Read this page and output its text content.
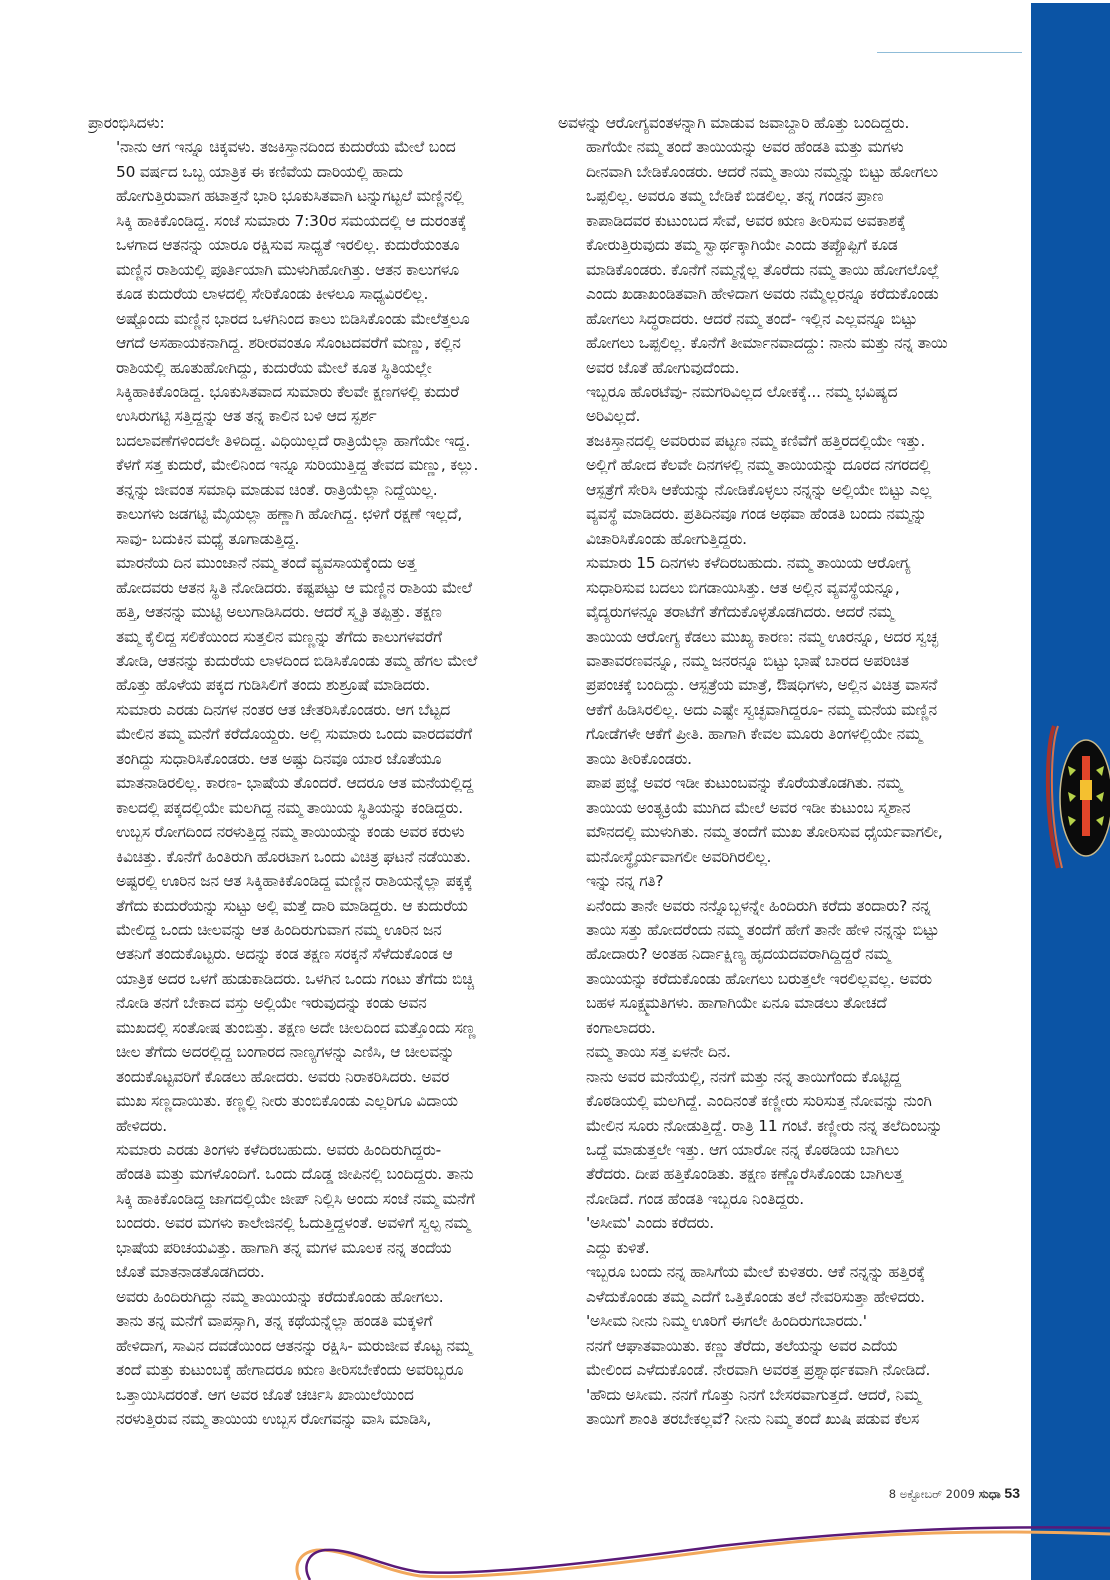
ಪ್ರಾರಂಭಿಸಿದಳು:
'ನಾನು ಆಗ ಇನ್ನೂ ಚಿಕ್ಕವಳು. ತಜಕಿಸ್ತಾನದಿಂದ ಕುದುರೆಯ ಮೇಲೆ ಬಂದ
50 ವರ್ಷದ ಒಬ್ಬ ಯಾತ್ರಿಕ ಈ ಕಣಿವೆಯ ದಾರಿಯಲ್ಲಿ ಹಾದು
ಹೋಗುತ್ತಿರುವಾಗ ಹಟಾತ್ತನೆ ಭಾರಿ ಭೂಕುಸಿತವಾಗಿ ಟನ್ನುಗಟ್ಟಲೆ ಮಣ್ಣಿನಲ್ಲಿ
ಸಿಕ್ಕಿ ಹಾಕಿಕೊಂಡಿದ್ದ. ಸಂಜೆ ಸುಮಾರು 7:30ರ ಸಮಯದಲ್ಲಿ ಆ ದುರಂತಕ್ಕೆ
ಒಳಗಾದ ಆತನನ್ನು ಯಾರೂ ರಕ್ಷಿಸುವ ಸಾಧ್ಯತೆ ಇರಲಿಲ್ಲ. ಕುದುರೆಯಂತೂ
ಮಣ್ಣಿನ ರಾಶಿಯಲ್ಲಿ ಪೂರ್ತಿಯಾಗಿ ಮುಳುಗಿಹೋಗಿತ್ತು. ಆತನ ಕಾಲುಗಳೂ
ಕೂಡ ಕುದುರೆಯ ಲಾಳದಲ್ಲಿ ಸೇರಿಕೊಂಡು ಕೀಳಲೂ ಸಾಧ್ಯವಿರಲಿಲ್ಲ.
ಅಷ್ಟೊಂದು ಮಣ್ಣಿನ ಭಾರದ ಒಳಗಿನಿಂದ ಕಾಲು ಬಿಡಿಸಿಕೊಂಡು ಮೇಲೆತ್ತಲೂ
ಆಗದೆ ಅಸಹಾಯಕನಾಗಿದ್ದ. ಶರೀರವಂತೂ ಸೊಂಟದವರೆಗೆ ಮಣ್ಣು, ಕಲ್ಲಿನ
ರಾಶಿಯಲ್ಲಿ ಹೂತುಹೋಗಿದ್ದು, ಕುದುರೆಯ ಮೇಲೆ ಕೂತ ಸ್ಥಿತಿಯಲ್ಲೇ
ಸಿಕ್ಕಿಹಾಕಿಕೊಂಡಿದ್ದ. ಭೂಕುಸಿತವಾದ ಸುಮಾರು ಕೆಲವೇ ಕ್ಷಣಗಳಲ್ಲಿ ಕುದುರೆ
ಉಸಿರುಗಟ್ಟಿ ಸತ್ತಿದ್ದನ್ನು ಆತ ತನ್ನ ಕಾಲಿನ ಬಳಿ ಆದ ಸ್ಪರ್ಶ
ಬದಲಾವಣೆಗಳಿಂದಲೇ ತಿಳಿದಿದ್ದ. ವಿಧಿಯಿಲ್ಲದೆ ರಾತ್ರಿಯೆಲ್ಲಾ ಹಾಗೆಯೇ ಇದ್ದ.
ಕೆಳಗೆ ಸತ್ತ ಕುದುರೆ, ಮೇಲಿನಿಂದ ಇನ್ನೂ ಸುರಿಯುತ್ತಿದ್ದ ತೇವದ ಮಣ್ಣು, ಕಲ್ಲು.
ತನ್ನನ್ನು ಜೀವಂತ ಸಮಾಧಿ ಮಾಡುವ ಚಿಂತೆ. ರಾತ್ರಿಯೆಲ್ಲಾ ನಿದ್ದೆಯಿಲ್ಲ.
ಕಾಲುಗಳು ಜಡಗಟ್ಟಿ ಮೈಯಲ್ಲಾ ಹಣ್ಣಾಗಿ ಹೋಗಿದ್ದ. ಛಳಿಗೆ ರಕ್ಷಣೆ ಇಲ್ಲದೆ,
ಸಾವು- ಬದುಕಿನ ಮಧ್ಯೆ ತೂಗಾಡುತ್ತಿದ್ದ.
ಮಾರನೆಯ ದಿನ ಮುಂಜಾನೆ ನಮ್ಮ ತಂದೆ ವ್ಯವಸಾಯಕ್ಕೆಂದು ಅತ್ತ
ಹೋದವರು ಆತನ ಸ್ಥಿತಿ ನೋಡಿದರು. ಕಷ್ಟಪಟ್ಟು ಆ ಮಣ್ಣಿನ ರಾಶಿಯ ಮೇಲೆ
ಹತ್ತಿ, ಆತನನ್ನು ಮುಟ್ಟಿ ಅಲುಗಾಡಿಸಿದರು. ಆದರೆ ಸ್ಮೃತಿ ತಪ್ಪಿತ್ತು. ತಕ್ಷಣ
ತಮ್ಮ ಕೈಲಿದ್ದ ಸಲಿಕೆಯಿಂದ ಸುತ್ತಲಿನ ಮಣ್ಣನ್ನು ತೆಗೆದು ಕಾಲುಗಳವರೆಗೆ
ತೋಡಿ, ಆತನನ್ನು ಕುದುರೆಯ ಲಾಳದಿಂದ ಬಿಡಿಸಿಕೊಂಡು ತಮ್ಮ ಹೆಗಲ ಮೇಲೆ
ಹೊತ್ತು ಹೊಳೆಯ ಪಕ್ಕದ ಗುಡಿಸಿಲಿಗೆ ತಂದು ಶುಶ್ರೂಷೆ ಮಾಡಿದರು.
ಸುಮಾರು ಎರಡು ದಿನಗಳ ನಂತರ ಆತ ಚೇತರಿಸಿಕೊಂಡರು. ಆಗ ಬೆಟ್ಟದ
ಮೇಲಿನ ತಮ್ಮ ಮನೆಗೆ ಕರೆದೊಯ್ದರು. ಅಲ್ಲಿ ಸುಮಾರು ಒಂದು ವಾರದವರೆಗೆ
ತಂಗಿದ್ದು ಸುಧಾರಿಸಿಕೊಂಡರು. ಆತ ಅಷ್ಟು ದಿನವೂ ಯಾರ ಜೊತೆಯೂ
ಮಾತನಾಡಿರಲಿಲ್ಲ. ಕಾರಣ- ಭಾಷೆಯ ತೊಂದರೆ. ಆದರೂ ಆತ ಮನೆಯಲ್ಲಿದ್ದ
ಕಾಲದಲ್ಲಿ ಪಕ್ಕದಲ್ಲಿಯೇ ಮಲಗಿದ್ದ ನಮ್ಮ ತಾಯಿಯ ಸ್ಥಿತಿಯನ್ನು ಕಂಡಿದ್ದರು.
ಉಬ್ಬಸ ರೋಗದಿಂದ ನರಳುತ್ತಿದ್ದ ನಮ್ಮ ತಾಯಿಯನ್ನು ಕಂಡು ಅವರ ಕರುಳು
ಕಿವಿಚಿತ್ತು. ಕೊನೆಗೆ ಹಿಂತಿರುಗಿ ಹೊರಟಾಗ ಒಂದು ವಿಚಿತ್ರ ಘಟನೆ ನಡೆಯಿತು.
ಅಷ್ಟರಲ್ಲಿ ಊರಿನ ಜನ ಆತ ಸಿಕ್ಕಿಹಾಕಿಕೊಂಡಿದ್ದ ಮಣ್ಣಿನ ರಾಶಿಯನ್ನೆಲ್ಲಾ ಪಕ್ಕಕ್ಕೆ
ತೆಗೆದು ಕುದುರೆಯನ್ನು ಸುಟ್ಟು ಅಲ್ಲಿ ಮತ್ತೆ ದಾರಿ ಮಾಡಿದ್ದರು. ಆ ಕುದುರೆಯ
ಮೇಲಿದ್ದ ಒಂದು ಚೀಲವನ್ನು ಆತ ಹಿಂದಿರುಗುವಾಗ ನಮ್ಮ ಊರಿನ ಜನ
ಆತನಿಗೆ ತಂದುಕೊಟ್ಟರು. ಅದನ್ನು ಕಂಡ ತಕ್ಷಣ ಸರಕ್ಕನೆ ಸೆಳೆದುಕೊಂಡ ಆ
ಯಾತ್ರಿಕ ಅದರ ಒಳಗೆ ಹುಡುಕಾಡಿದರು. ಒಳಗಿನ ಒಂದು ಗಂಟು ತೆಗೆದು ಬಿಚ್ಚಿ
ನೋಡಿ ತನಗೆ ಬೇಕಾದ ವಸ್ತು ಅಲ್ಲಿಯೇ ಇರುವುದನ್ನು ಕಂಡು ಅವನ
ಮುಖದಲ್ಲಿ ಸಂತೋಷ ತುಂಬಿತ್ತು. ತಕ್ಷಣ ಅದೇ ಚೀಲದಿಂದ ಮತ್ತೊಂದು ಸಣ್ಣ
ಚೀಲ ತೆಗೆದು ಅದರಲ್ಲಿದ್ದ ಬಂಗಾರದ ನಾಣ್ಯಗಳನ್ನು ಎಣಿಸಿ, ಆ ಚೀಲವನ್ನು
ತಂದುಕೊಟ್ಟವರಿಗೆ ಕೊಡಲು ಹೋದರು. ಅವರು ನಿರಾಕರಿಸಿದರು. ಅವರ
ಮುಖ ಸಣ್ಣದಾಯಿತು. ಕಣ್ಣಲ್ಲಿ ನೀರು ತುಂಬಿಕೊಂಡು ಎಲ್ಲರಿಗೂ ವಿದಾಯ
ಹೇಳಿದರು.
ಸುಮಾರು ಎರಡು ತಿಂಗಳು ಕಳೆದಿರಬಹುದು. ಅವರು ಹಿಂದಿರುಗಿದ್ದರು-
ಹೆಂಡತಿ ಮತ್ತು ಮಗಳೊಂದಿಗೆ. ಒಂದು ದೊಡ್ಡ ಜೀಪಿನಲ್ಲಿ ಬಂದಿದ್ದರು. ತಾನು
ಸಿಕ್ಕಿ ಹಾಕಿಕೊಂಡಿದ್ದ ಜಾಗದಲ್ಲಿಯೇ ಜೀಪ್ ನಿಲ್ಲಿಸಿ ಅಂದು ಸಂಜೆ ನಮ್ಮ ಮನೆಗೆ
ಬಂದರು. ಅವರ ಮಗಳು ಕಾಲೇಜಿನಲ್ಲಿ ಓದುತ್ತಿದ್ದಳಂತೆ. ಅವಳಿಗೆ ಸ್ವಲ್ಪ ನಮ್ಮ
ಭಾಷೆಯ ಪರಿಚಯವಿತ್ತು. ಹಾಗಾಗಿ ತನ್ನ ಮಗಳ ಮೂಲಕ ನನ್ನ ತಂದೆಯ
ಜೊತೆ ಮಾತನಾಡತೊಡಗಿದರು.
ಅವರು ಹಿಂದಿರುಗಿದ್ದು ನಮ್ಮ ತಾಯಿಯನ್ನು ಕರೆದುಕೊಂಡು ಹೋಗಲು.
ತಾನು ತನ್ನ ಮನೆಗೆ ವಾಪಸ್ಸಾಗಿ, ತನ್ನ ಕಥೆಯನ್ನೆಲ್ಲಾ ಹಂಡತಿ ಮಕ್ಕಳಿಗೆ
ಹೇಳಿದಾಗ, ಸಾವಿನ ದವಡೆಯಿಂದ ಆತನನ್ನು ರಕ್ಷಿಸಿ- ಮರುಜೀವ ಕೊಟ್ಟ ನಮ್ಮ
ತಂದೆ ಮತ್ತು ಕುಟುಂಬಕ್ಕೆ ಹೇಗಾದರೂ ಋಣ ತೀರಿಸಬೇಕೆಂದು ಅವರಿಬ್ಬರೂ
ಒತ್ತಾಯಿಸಿದರಂತೆ. ಆಗ ಅವರ ಜೊತೆ ಚರ್ಚಿಸಿ ಖಾಯಿಲೆಯಿಂದ
ನರಳುತ್ತಿರುವ ನಮ್ಮ ತಾಯಿಯ ಉಬ್ಬಸ ರೋಗವನ್ನು ವಾಸಿ ಮಾಡಿಸಿ,
ಅವಳನ್ನು ಆರೋಗ್ಯವಂತಳನ್ನಾಗಿ ಮಾಡುವ ಜವಾಬ್ದಾರಿ ಹೊತ್ತು ಬಂದಿದ್ದರು.
ಹಾಗೆಯೇ ನಮ್ಮ ತಂದೆ ತಾಯಿಯನ್ನು ಅವರ ಹೆಂಡತಿ ಮತ್ತು ಮಗಳು
ದೀನವಾಗಿ ಬೇಡಿಕೊಂಡರು. ಆದರೆ ನಮ್ಮ ತಾಯಿ ನಮ್ಮನ್ನು ಬಿಟ್ಟು ಹೋಗಲು
ಒಪ್ಪಲಿಲ್ಲ. ಅವರೂ ತಮ್ಮ ಬೇಡಿಕೆ ಬಿಡಲಿಲ್ಲ. ತನ್ನ ಗಂಡನ ಪ್ರಾಣ
ಕಾಪಾಡಿದವರ ಕುಟುಂಬದ ಸೇವೆ, ಅವರ ಋಣ ತೀರಿಸುವ ಅವಕಾಶಕ್ಕೆ
ಕೋರುತ್ತಿರುವುದು ತಮ್ಮ ಸ್ವಾರ್ಥಕ್ಕಾಗಿಯೇ ಎಂದು ತಪ್ಪೊಪ್ಪಿಗೆ ಕೂಡ
ಮಾಡಿಕೊಂಡರು. ಕೊನೆಗೆ ನಮ್ಮನ್ನೆಲ್ಲ ತೊರೆದು ನಮ್ಮ ತಾಯಿ ಹೋಗಲೊಲ್ಲೆ
ಎಂದು ಖಡಾಖಂಡಿತವಾಗಿ ಹೇಳಿದಾಗ ಅವರು ನಮ್ಮೆಲ್ಲರನ್ನೂ ಕರೆದುಕೊಂಡು
ಹೋಗಲು ಸಿದ್ಧರಾದರು. ಆದರೆ ನಮ್ಮ ತಂದೆ- ಇಲ್ಲಿನ ಎಲ್ಲವನ್ನೂ ಬಿಟ್ಟು
ಹೋಗಲು ಒಪ್ಪಲಿಲ್ಲ. ಕೊನೆಗೆ ತೀರ್ಮಾನವಾದದ್ದು: ನಾನು ಮತ್ತು ನನ್ನ ತಾಯಿ
ಅವರ ಜೊತೆ ಹೋಗುವುದೆಂದು.
ಇಬ್ಬರೂ ಹೊರಟೆವು- ನಮಗರಿವಿಲ್ಲದ ಲೋಕಕ್ಕೆ... ನಮ್ಮ ಭವಿಷ್ಯದ
ಅರಿವಿಲ್ಲದೆ.
ತಜಕಿಸ್ತಾನದಲ್ಲಿ ಅವರಿರುವ ಪಟ್ಟಣ ನಮ್ಮ ಕಣಿವೆಗೆ ಹತ್ತಿರದಲ್ಲಿಯೇ ಇತ್ತು.
ಅಲ್ಲಿಗೆ ಹೋದ ಕೆಲವೇ ದಿನಗಳಲ್ಲಿ ನಮ್ಮ ತಾಯಿಯನ್ನು ದೂರದ ನಗರದಲ್ಲಿ
ಆಸ್ಪತ್ರೆಗೆ ಸೇರಿಸಿ ಆಕೆಯನ್ನು ನೋಡಿಕೊಳ್ಳಲು ನನ್ನನ್ನು ಅಲ್ಲಿಯೇ ಬಿಟ್ಟು ಎಲ್ಲ
ವ್ಯವಸ್ಥೆ ಮಾಡಿದರು. ಪ್ರತಿದಿನವೂ ಗಂಡ ಅಥವಾ ಹೆಂಡತಿ ಬಂದು ನಮ್ಮನ್ನು
ವಿಚಾರಿಸಿಕೊಂಡು ಹೋಗುತ್ತಿದ್ದರು.
ಸುಮಾರು 15 ದಿನಗಳು ಕಳೆದಿರಬಹುದು. ನಮ್ಮ ತಾಯಿಯ ಆರೋಗ್ಯ
ಸುಧಾರಿಸುವ ಬದಲು ಬಿಗಡಾಯಿಸಿತ್ತು. ಆತ ಅಲ್ಲಿನ ವ್ಯವಸ್ಥೆಯನ್ನೂ,
ವೈದ್ಯರುಗಳನ್ನೂ ತರಾಟೆಗೆ ತೆಗೆದುಕೊಳ್ಳತೊಡಗಿದರು. ಆದರೆ ನಮ್ಮ
ತಾಯಿಯ ಆರೋಗ್ಯ ಕೆಡಲು ಮುಖ್ಯ ಕಾರಣ: ನಮ್ಮ ಊರನ್ನೂ, ಅದರ ಸ್ವಚ್ಛ
ವಾತಾವರಣವನ್ನೂ, ನಮ್ಮ ಜನರನ್ನೂ ಬಿಟ್ಟು ಭಾಷೆ ಬಾರದ ಅಪರಿಚಿತ
ಪ್ರಪಂಚಕ್ಕೆ ಬಂದಿದ್ದು. ಆಸ್ಪತ್ರೆಯ ಮಾತ್ರೆ, ಔಷಧಿಗಳು, ಅಲ್ಲಿನ ವಿಚಿತ್ರ ವಾಸನೆ
ಆಕೆಗೆ ಹಿಡಿಸಿರಲಿಲ್ಲ. ಅದು ಎಷ್ಟೇ ಸ್ವಚ್ಛವಾಗಿದ್ದರೂ- ನಮ್ಮ ಮನೆಯ ಮಣ್ಣಿನ
ಗೋಡೆಗಳೇ ಆಕೆಗೆ ಪ್ರೀತಿ. ಹಾಗಾಗಿ ಕೇವಲ ಮೂರು ತಿಂಗಳಲ್ಲಿಯೇ ನಮ್ಮ
ತಾಯಿ ತೀರಿಕೊಂಡರು.
ಪಾಪ ಪ್ರಜ್ಞೆ ಅವರ ಇಡೀ ಕುಟುಂಬವನ್ನು ಕೊರೆಯತೊಡಗಿತು. ನಮ್ಮ
ತಾಯಿಯ ಅಂತ್ಯಕ್ರಿಯೆ ಮುಗಿದ ಮೇಲೆ ಅವರ ಇಡೀ ಕುಟುಂಬ ಸ್ಮಶಾನ
ಮೌನದಲ್ಲಿ ಮುಳುಗಿತು. ನಮ್ಮ ತಂದೆಗೆ ಮುಖ ತೋರಿಸುವ ಧೈರ್ಯವಾಗಲೀ,
ಮನೋಸ್ಥೈರ್ಯವಾಗಲೀ ಅವರಿಗಿರಲಿಲ್ಲ.
ಇನ್ನು ನನ್ನ ಗತಿ?
ಏನೆಂದು ತಾನೇ ಅವರು ನನ್ನೊಬ್ಬಳನ್ನೇ ಹಿಂದಿರುಗಿ ಕರೆದು ತಂದಾರು? ನನ್ನ
ತಾಯಿ ಸತ್ತು ಹೋದರೆಂದು ನಮ್ಮ ತಂದೆಗೆ ಹೇಗೆ ತಾನೇ ಹೇಳಿ ನನ್ನನ್ನು ಬಿಟ್ಟು
ಹೋದಾರು? ಅಂತಹ ನಿರ್ದಾಕ್ಷಿಣ್ಯ ಹೃದಯದವರಾಗಿದ್ದಿದ್ದರೆ ನಮ್ಮ
ತಾಯಿಯನ್ನು ಕರೆದುಕೊಂಡು ಹೋಗಲು ಬರುತ್ತಲೇ ಇರಲಿಲ್ಲವಲ್ಲ. ಅವರು
ಬಹಳ ಸೂಕ್ಷ್ಮಮತಿಗಳು. ಹಾಗಾಗಿಯೇ ಏನೂ ಮಾಡಲು ತೋಚದೆ
ಕಂಗಾಲಾದರು.
ನಮ್ಮ ತಾಯಿ ಸತ್ತ ಏಳನೇ ದಿನ.
ನಾನು ಅವರ ಮನೆಯಲ್ಲಿ, ನನಗೆ ಮತ್ತು ನನ್ನ ತಾಯಿಗೆಂದು ಕೊಟ್ಟಿದ್ದ
ಕೊಠಡಿಯಲ್ಲಿ ಮಲಗಿದ್ದೆ. ಎಂದಿನಂತೆ ಕಣ್ಣೀರು ಸುರಿಸುತ್ತ ನೋವನ್ನು ನುಂಗಿ
ಮೇಲಿನ ಸೂರು ನೋಡುತ್ತಿದ್ದೆ. ರಾತ್ರಿ 11 ಗಂಟೆ. ಕಣ್ಣೀರು ನನ್ನ ತಲೆದಿಂಬನ್ನು
ಒದ್ದೆ ಮಾಡುತ್ತಲೇ ಇತ್ತು. ಆಗ ಯಾರೋ ನನ್ನ ಕೊಠಡಿಯ ಬಾಗಿಲು
ತೆರೆದರು. ದೀಪ ಹತ್ತಿಕೊಂಡಿತು. ತಕ್ಷಣ ಕಣ್ಣೊರೆಸಿಕೊಂಡು ಬಾಗಿಲತ್ತ
ನೋಡಿದೆ. ಗಂಡ ಹೆಂಡತಿ ಇಬ್ಬರೂ ನಿಂತಿದ್ದರು.
'ಅಸೀಮ' ಎಂದು ಕರೆದರು.
ಎದ್ದು ಕುಳಿತೆ.
ಇಬ್ಬರೂ ಬಂದು ನನ್ನ ಹಾಸಿಗೆಯ ಮೇಲೆ ಕುಳಿತರು. ಆಕೆ ನನ್ನನ್ನು ಹತ್ತಿರಕ್ಕೆ
ಎಳೆದುಕೊಂಡು ತಮ್ಮ ಎದೆಗೆ ಒತ್ತಿಕೊಂಡು ತಲೆ ನೇವರಿಸುತ್ತಾ ಹೇಳಿದರು.
'ಅಸೀಮ ನೀನು ನಿಮ್ಮ ಊರಿಗೆ ಈಗಲೇ ಹಿಂದಿರುಗಬಾರದು.'
ನನಗೆ ಆಘಾತವಾಯಿತು. ಕಣ್ಣು ತೆರೆದು, ತಲೆಯನ್ನು ಅವರ ಎದೆಯ
ಮೇಲಿಂದ ಎಳೆದುಕೊಂಡೆ. ನೇರವಾಗಿ ಅವರತ್ತ ಪ್ರಶ್ನಾರ್ಥಕವಾಗಿ ನೋಡಿದೆ.
'ಹೌದು ಅಸೀಮ. ನನಗೆ ಗೊತ್ತು ನಿನಗೆ ಬೇಸರವಾಗುತ್ತದೆ. ಆದರೆ, ನಿಮ್ಮ
ತಾಯಿಗೆ ಶಾಂತಿ ತರಬೇಕಲ್ಲವೆ? ನೀನು ನಿಮ್ಮ ತಂದೆ ಖುಷಿ ಪಡುವ ಕೆಲಸ
8 ಅಕ್ಟೋಬರ್ 2009 ಸುಧಾ 53
